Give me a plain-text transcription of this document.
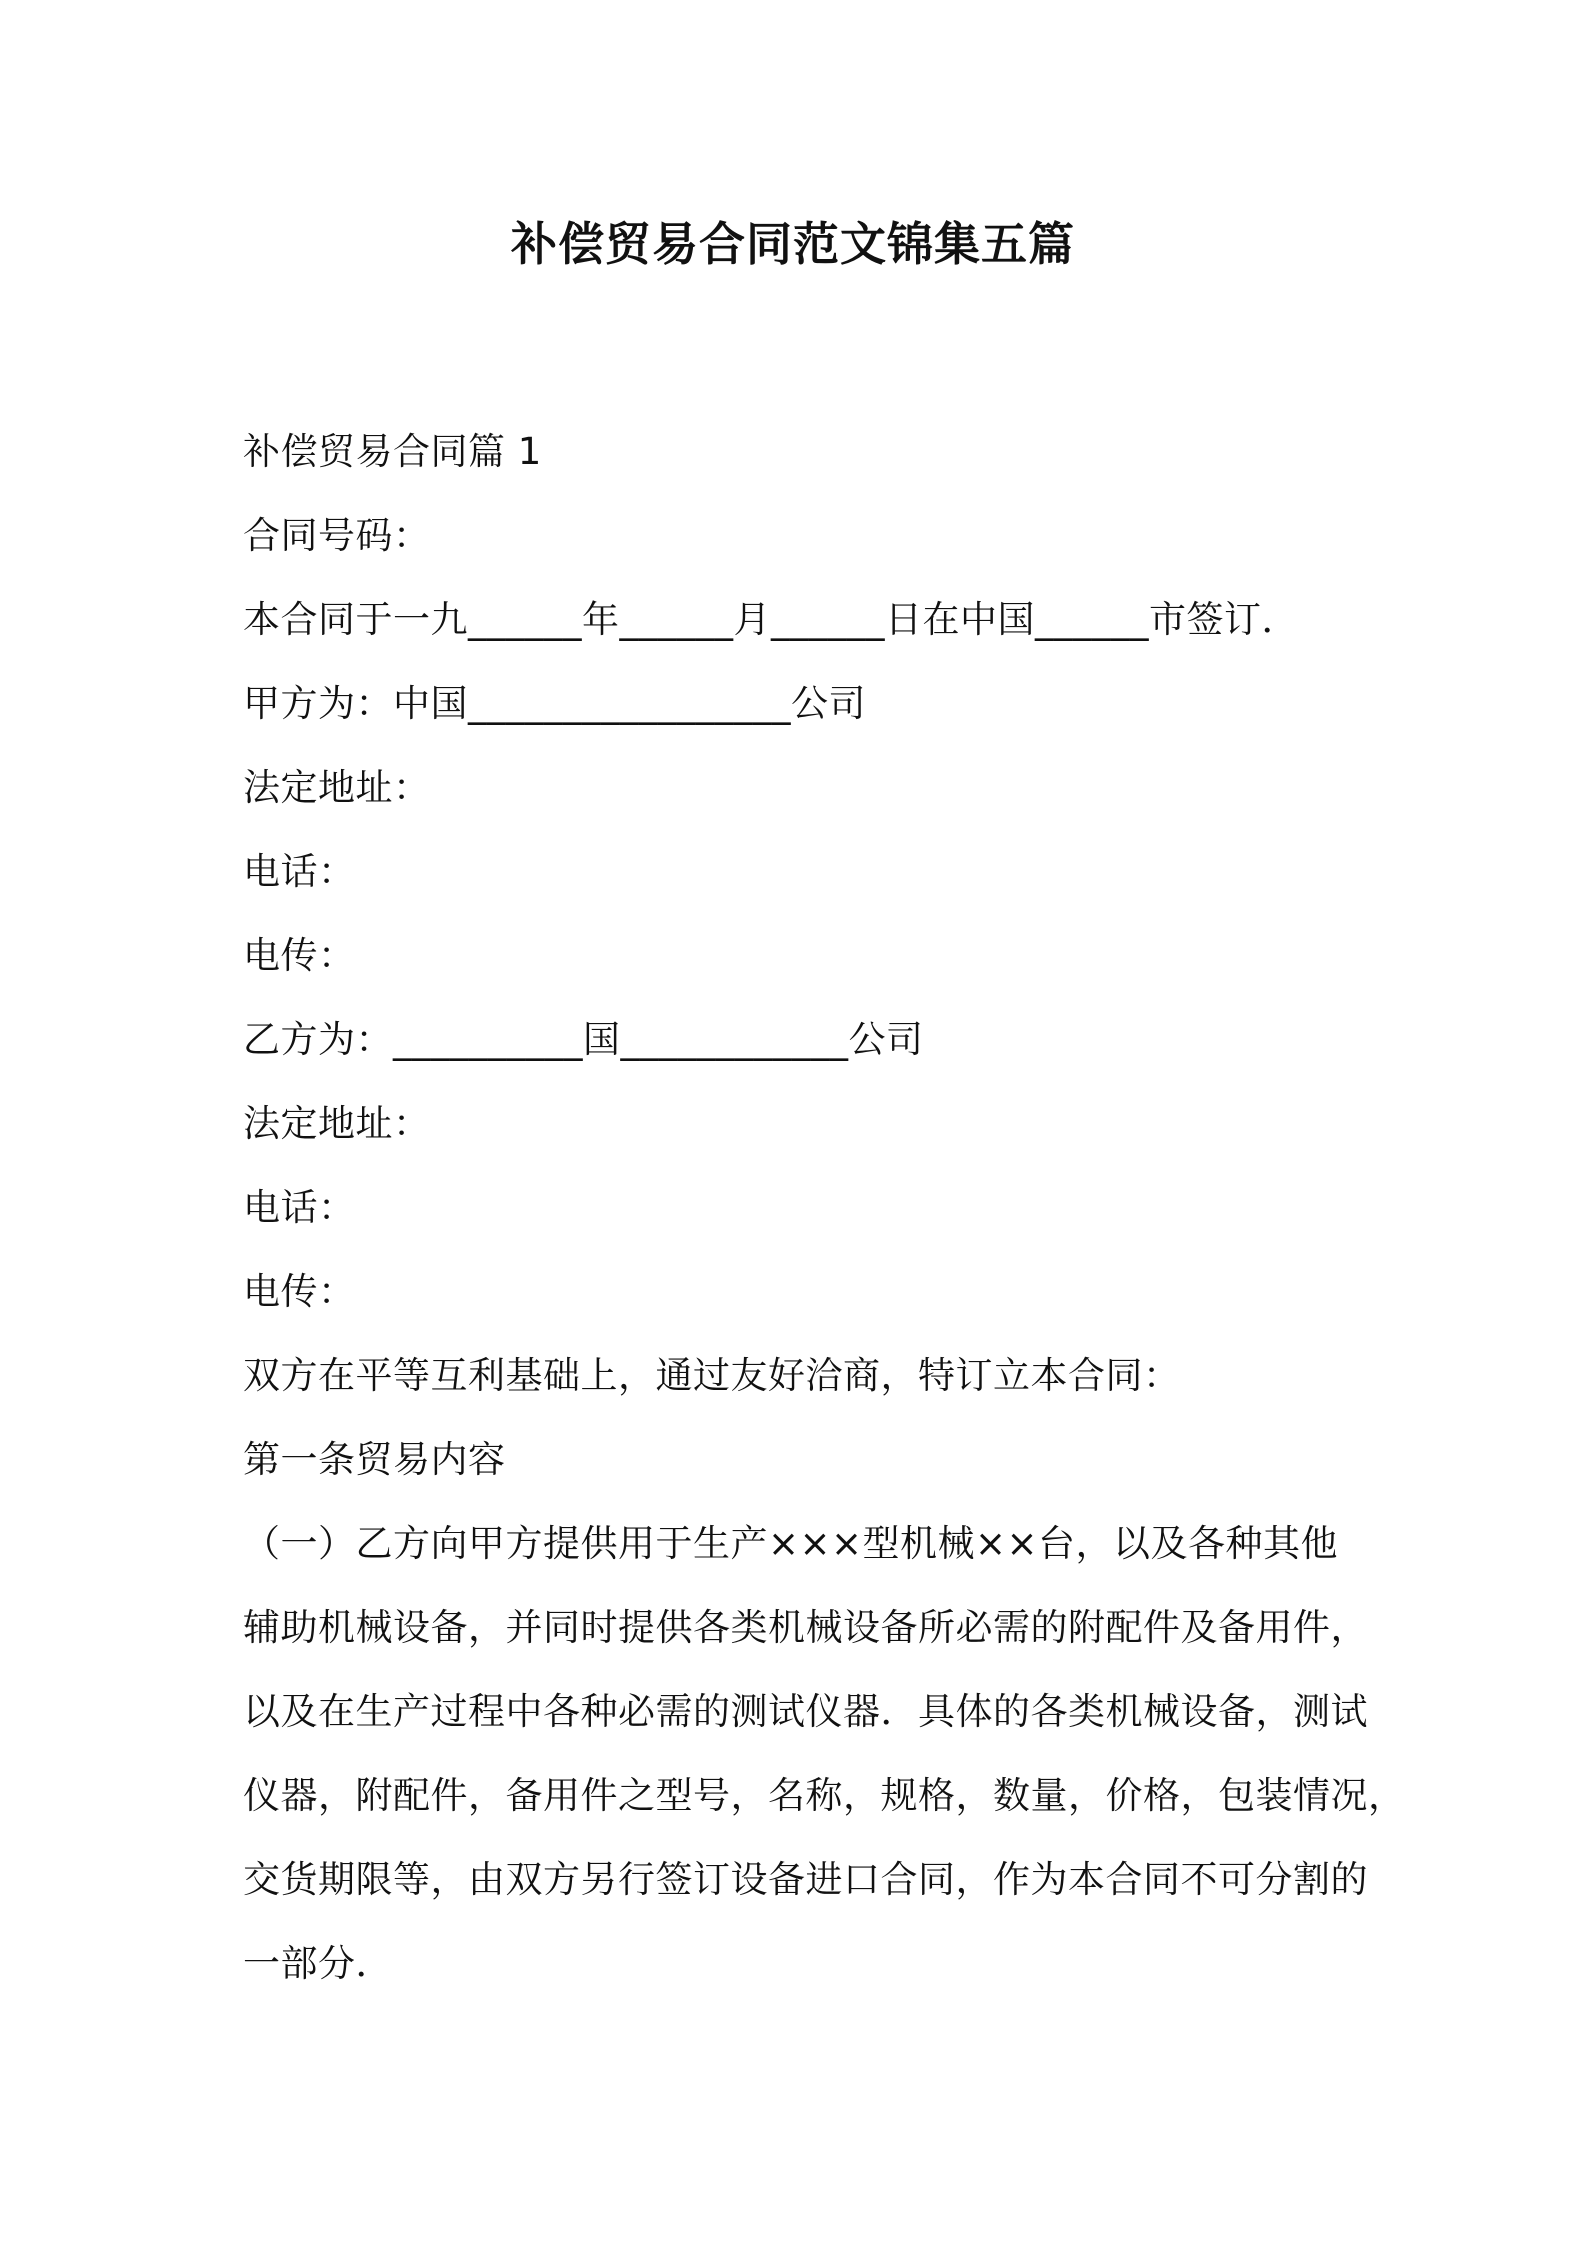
补偿贸易合同范文锦集五篇
补偿贸易合同篇 1
合同号码：
本合同于一九______年______月______日在中国______市签订．
甲方为：中国_________________公司
法定地址：
电话：
电传：
乙方为：__________国____________公司
法定地址：
电话：
电传：
双方在平等互利基础上，通过友好洽商，特订立本合同：
第一条贸易内容

（一）乙方向甲方提供用于生产×××型机械××台，以及各种其他
辅助机械设备，并同时提供各类机械设备所必需的附配件及备用件，
以及在生产过程中各种必需的测试仪器．具体的各类机械设备，测试
仪器，附配件，备用件之型号，名称，规格，数量，价格，包装情况，
交货期限等，由双方另行签订设备进口合同，作为本合同不可分割的
一部分．
